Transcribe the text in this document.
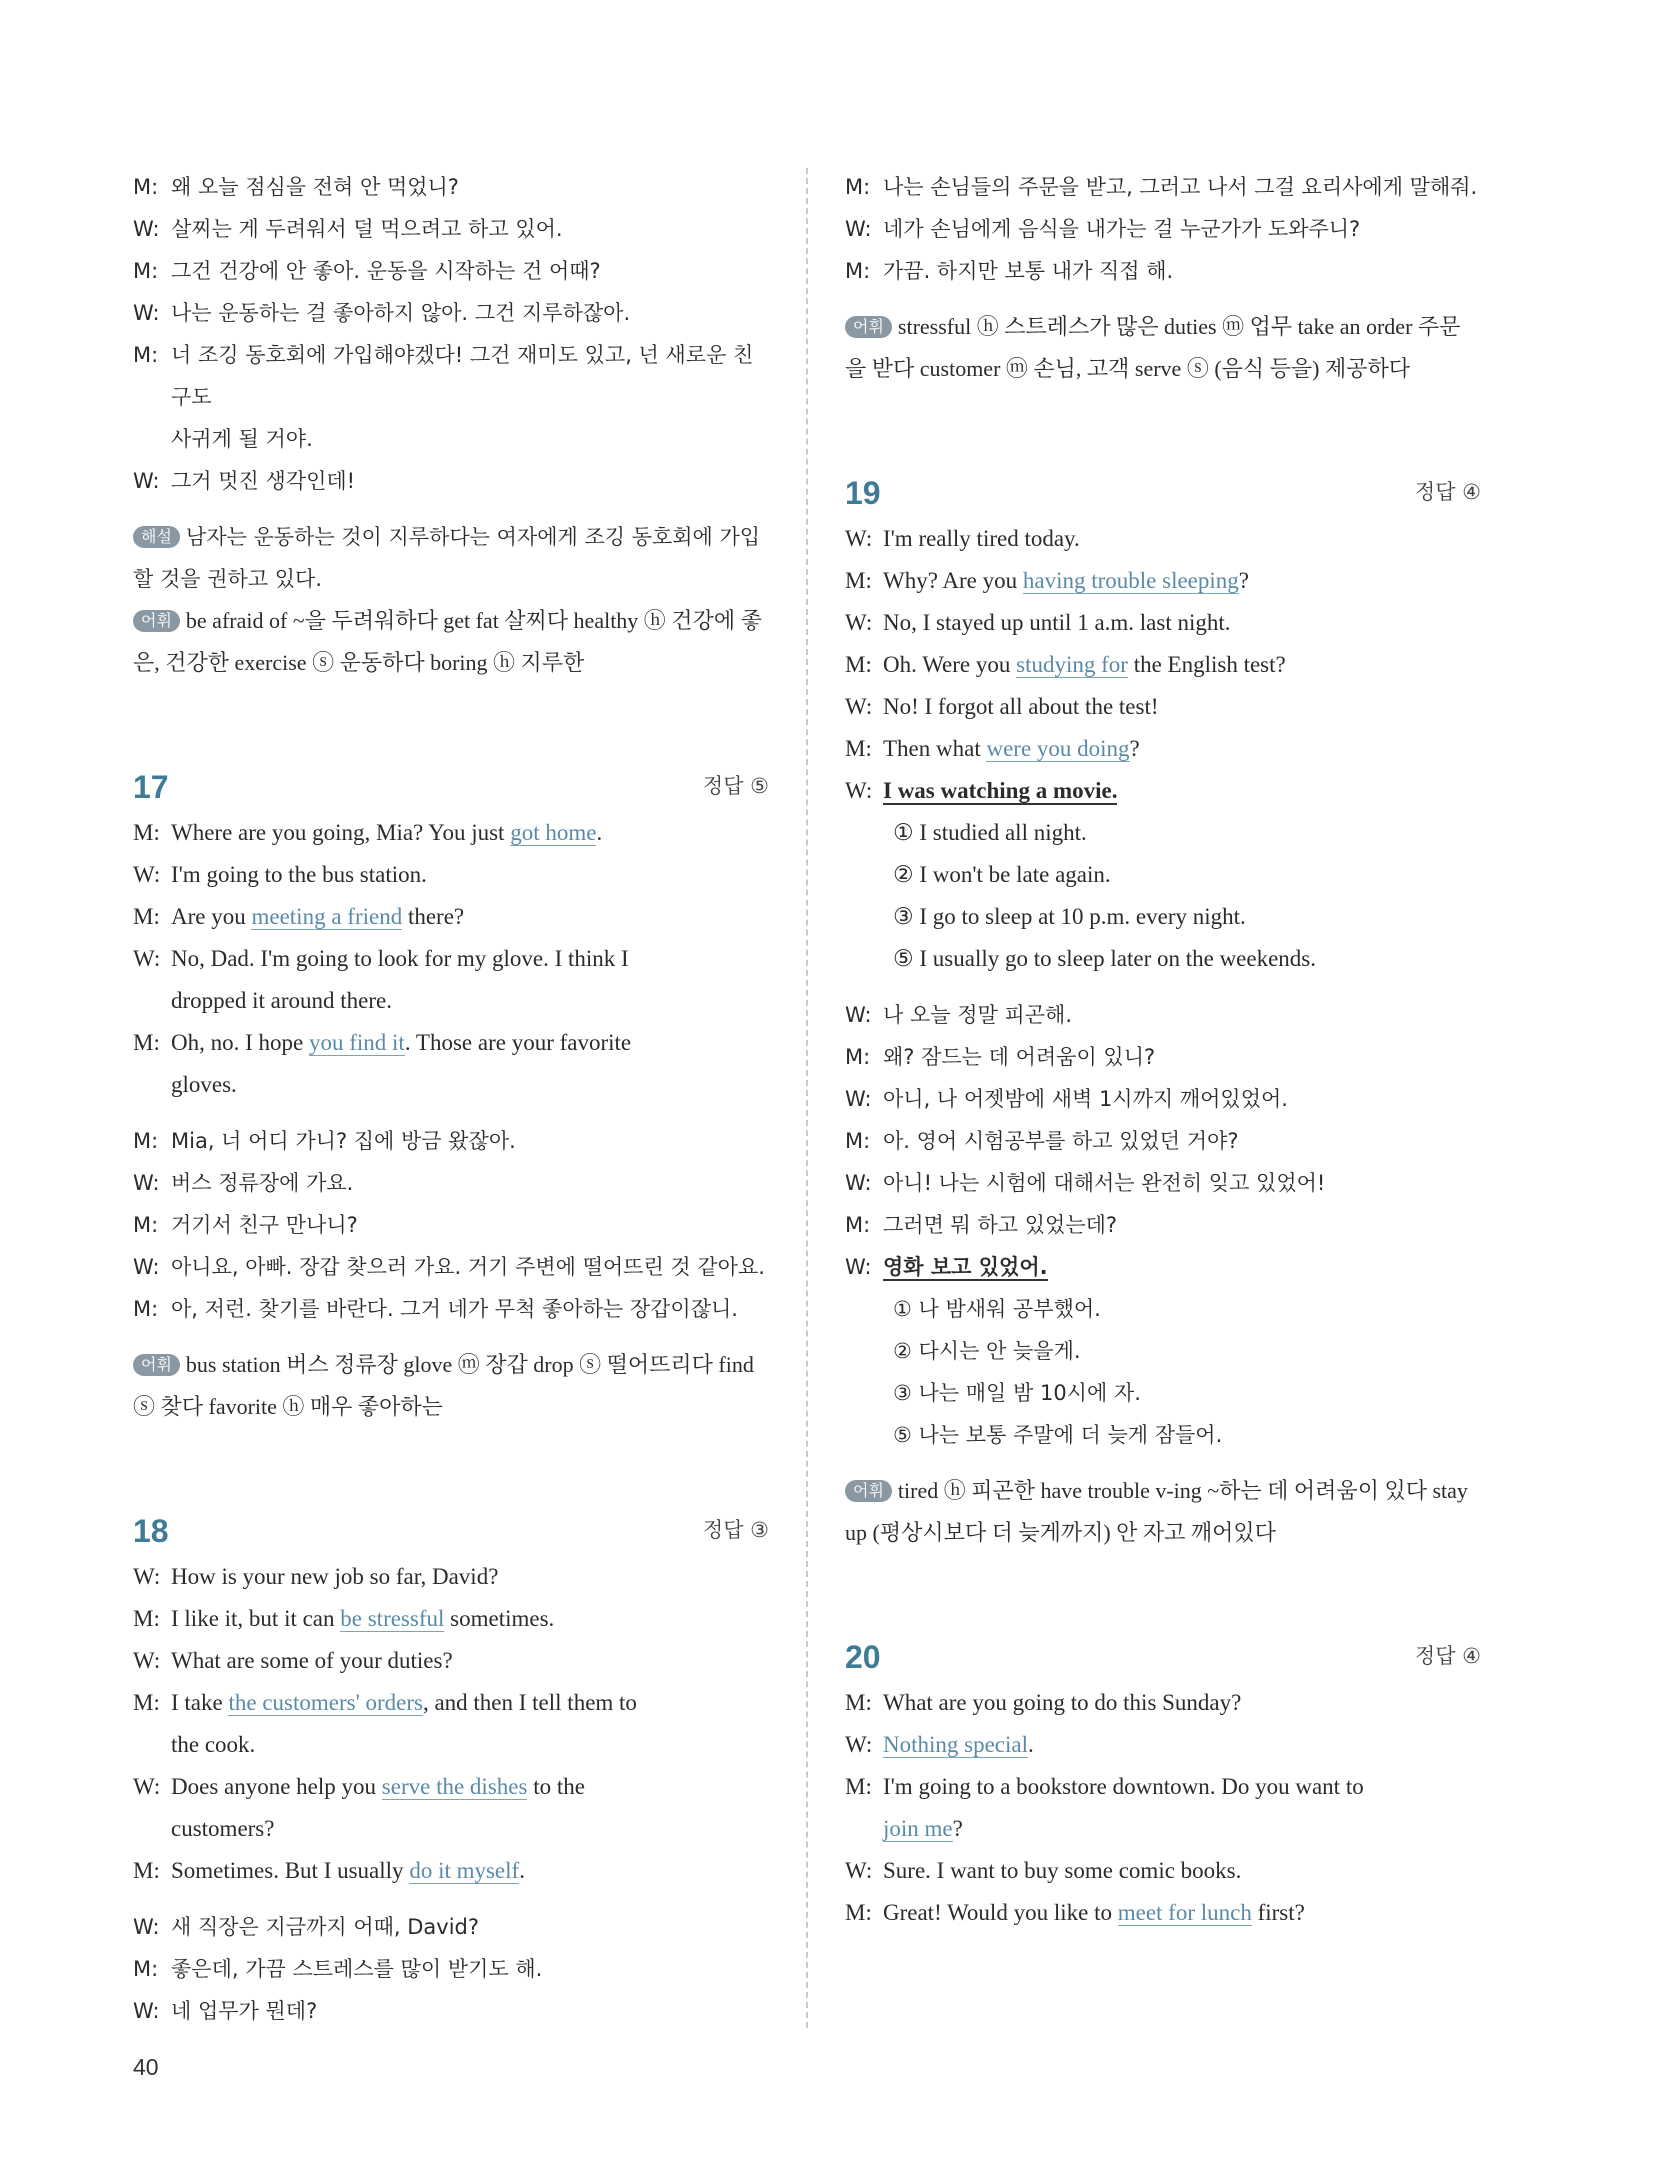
M: 왜 오늘 점심을 전혀 안 먹었니?
W: 살찌는 게 두려워서 덜 먹으려고 하고 있어.
M: 그건 건강에 안 좋아. 운동을 시작하는 건 어때?
W: 나는 운동하는 걸 좋아하지 않아. 그건 지루하잖아.
M: 너 조깅 동호회에 가입해야겠다! 그건 재미도 있고, 넌 새로운 친구도
사귀게 될 거야.
W: 그거 멋진 생각인데!
해설 남자는 운동하는 것이 지루하다는 여자에게 조깅 동호회에 가입할 것을 권하고 있다.
어휘 be afraid of ~을 두려워하다 get fat 살찌다 healthy ⓗ 건강에 좋은, 건강한 exercise ⓢ 운동하다 boring ⓗ 지루한
17	정답 ⑤
M: Where are you going, Mia? You just got home.
W: I'm going to the bus station.
M: Are you meeting a friend there?
W: No, Dad. I'm going to look for my glove. I think I
dropped it around there.
M: Oh, no. I hope you find it. Those are your favorite
gloves.
M: Mia, 너 어디 가니? 집에 방금 왔잖아.
W: 버스 정류장에 가요.
M: 거기서 친구 만나니?
W: 아니요, 아빠. 장갑 찾으러 가요. 거기 주변에 떨어뜨린 것 같아요.
M: 아, 저런. 찾기를 바란다. 그거 네가 무척 좋아하는 장갑이잖니.
어휘 bus station 버스 정류장 glove ⓜ 장갑 drop ⓢ 떨어뜨리다 find ⓢ 찾다 favorite ⓗ 매우 좋아하는
18	정답 ③
W: How is your new job so far, David?
M: I like it, but it can be stressful sometimes.
W: What are some of your duties?
M: I take the customers' orders, and then I tell them to
the cook.
W: Does anyone help you serve the dishes to the
customers?
M: Sometimes. But I usually do it myself.
W: 새 직장은 지금까지 어때, David?
M: 좋은데, 가끔 스트레스를 많이 받기도 해.
W: 네 업무가 뭔데?
M: 나는 손님들의 주문을 받고, 그러고 나서 그걸 요리사에게 말해줘.
W: 네가 손님에게 음식을 내가는 걸 누군가가 도와주니?
M: 가끔. 하지만 보통 내가 직접 해.
어휘 stressful ⓗ 스트레스가 많은 duties ⓜ 업무 take an order 주문을 받다 customer ⓜ 손님, 고객 serve ⓢ (음식 등을) 제공하다
19	정답 ④
W: I'm really tired today.
M: Why? Are you having trouble sleeping?
W: No, I stayed up until 1 a.m. last night.
M: Oh. Were you studying for the English test?
W: No! I forgot all about the test!
M: Then what were you doing?
W: I was watching a movie.
① I studied all night.
② I won't be late again.
③ I go to sleep at 10 p.m. every night.
⑤ I usually go to sleep later on the weekends.
W: 나 오늘 정말 피곤해.
M: 왜? 잠드는 데 어려움이 있니?
W: 아니, 나 어젯밤에 새벽 1시까지 깨어있었어.
M: 아. 영어 시험공부를 하고 있었던 거야?
W: 아니! 나는 시험에 대해서는 완전히 잊고 있었어!
M: 그러면 뭐 하고 있었는데?
W: 영화 보고 있었어.
① 나 밤새워 공부했어.
② 다시는 안 늦을게.
③ 나는 매일 밤 10시에 자.
⑤ 나는 보통 주말에 더 늦게 잠들어.
어휘 tired ⓗ 피곤한 have trouble v-ing ~하는 데 어려움이 있다 stay up (평상시보다 더 늦게까지) 안 자고 깨어있다
20	정답 ④
M: What are you going to do this Sunday?
W: Nothing special.
M: I'm going to a bookstore downtown. Do you want to
join me?
W: Sure. I want to buy some comic books.
M: Great! Would you like to meet for lunch first?
40
